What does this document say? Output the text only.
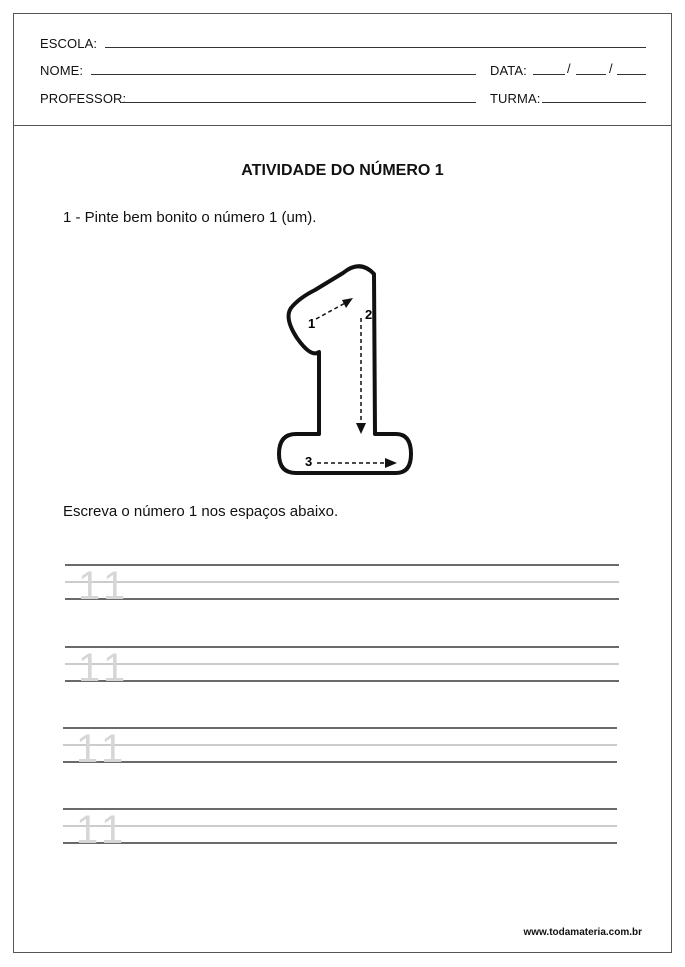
ESCOLA:
NOME:	DATA:	/	/
PROFESSOR:	TURMA:
ATIVIDADE DO NÚMERO 1
1 - Pinte bem bonito o número 1 (um).
1
2
3
Escreva o número 1 nos espaços abaixo.
www.todamateria.com.br
1 1
1 1
1 1
1 1
